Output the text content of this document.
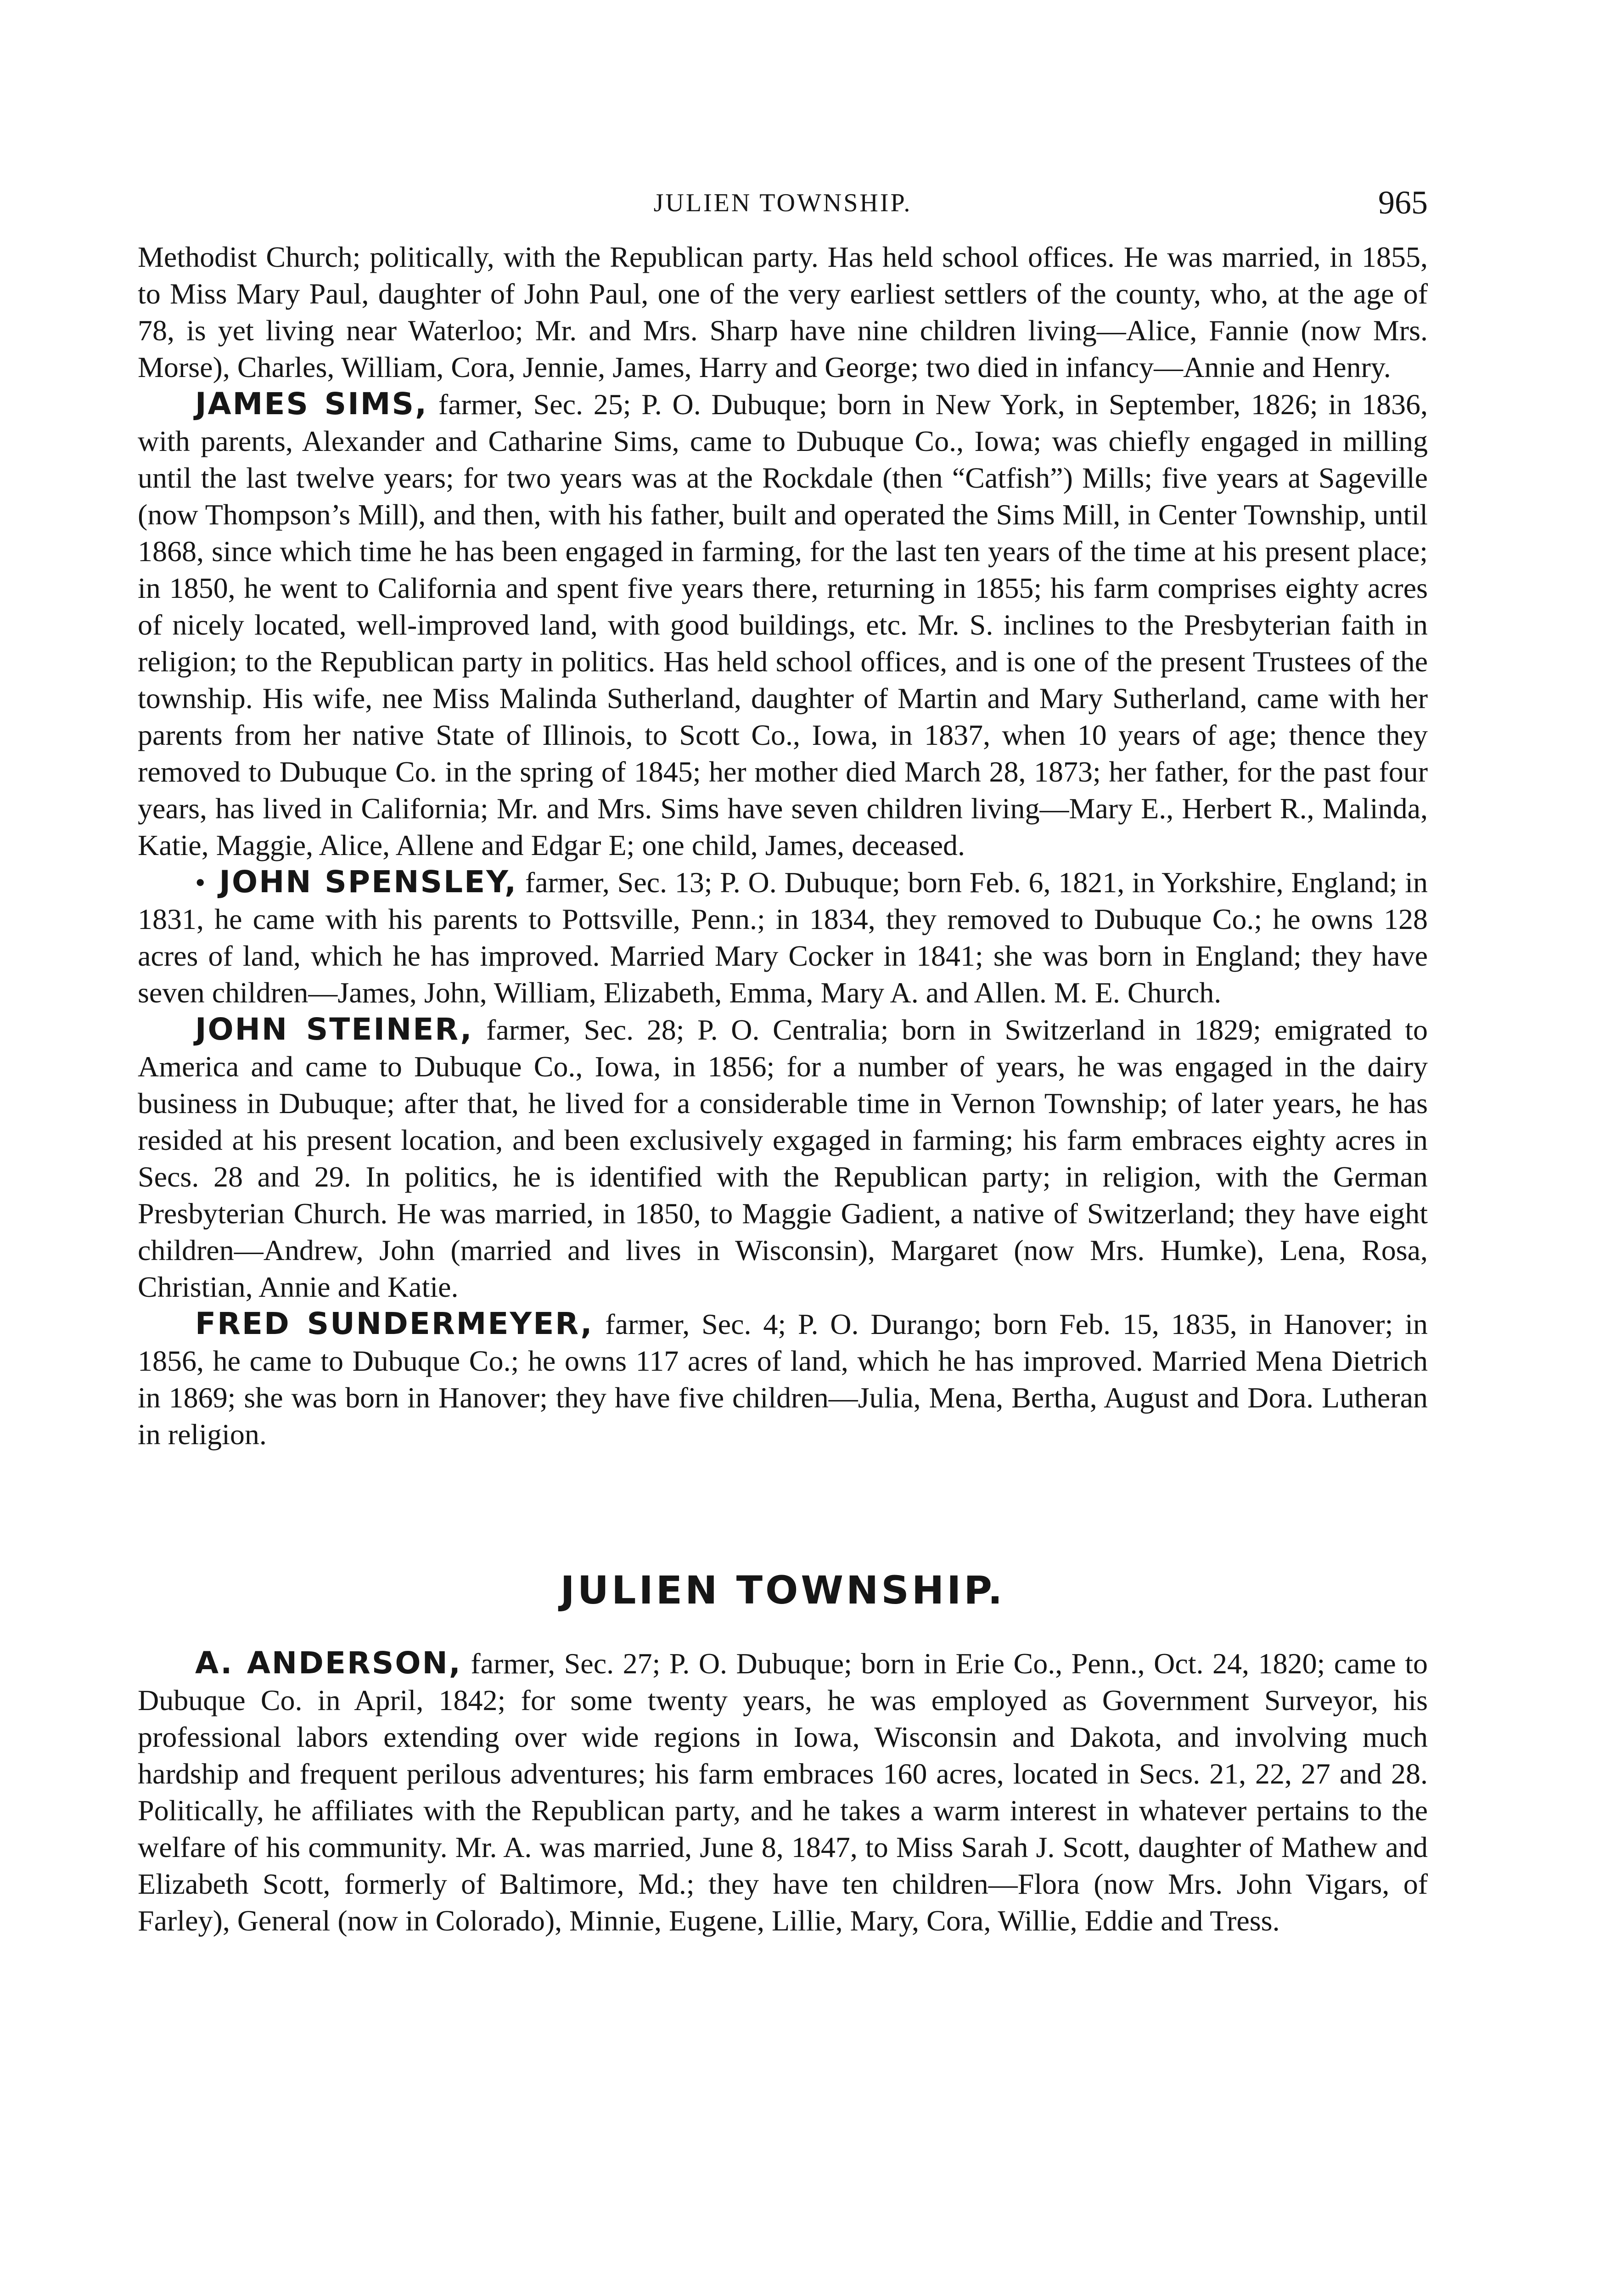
JULIEN TOWNSHIP.	965

Methodist Church; politically, with the Republican party. Has held school offices. He was married, in 1855, to Miss Mary Paul, daughter of John Paul, one of the very earliest settlers of the county, who, at the age of 78, is yet living near Waterloo; Mr. and Mrs. Sharp have nine children living—Alice, Fannie (now Mrs. Morse), Charles, William, Cora, Jennie, James, Harry and George; two died in infancy—Annie and Henry.

JAMES SIMS, farmer, Sec. 25; P. O. Dubuque; born in New York, in September, 1826; in 1836, with parents, Alexander and Catharine Sims, came to Dubuque Co., Iowa; was chiefly engaged in milling until the last twelve years; for two years was at the Rockdale (then “Catfish”) Mills; five years at Sageville (now Thompson’s Mill), and then, with his father, built and operated the Sims Mill, in Center Township, until 1868, since which time he has been engaged in farming, for the last ten years of the time at his present place; in 1850, he went to California and spent five years there, returning in 1855; his farm comprises eighty acres of nicely located, well-improved land, with good buildings, etc. Mr. S. inclines to the Presbyterian faith in religion; to the Republican party in politics. Has held school offices, and is one of the present Trustees of the township. His wife, nee Miss Malinda Sutherland, daughter of Martin and Mary Sutherland, came with her parents from her native State of Illinois, to Scott Co., Iowa, in 1837, when 10 years of age; thence they removed to Dubuque Co. in the spring of 1845; her mother died March 28, 1873; her father, for the past four years, has lived in California; Mr. and Mrs. Sims have seven children living—Mary E., Herbert R., Malinda, Katie, Maggie, Alice, Allene and Edgar E; one child, James, deceased.

• JOHN SPENSLEY, farmer, Sec. 13; P. O. Dubuque; born Feb. 6, 1821, in Yorkshire, England; in 1831, he came with his parents to Pottsville, Penn.; in 1834, they removed to Dubuque Co.; he owns 128 acres of land, which he has improved. Married Mary Cocker in 1841; she was born in England; they have seven children—James, John, William, Elizabeth, Emma, Mary A. and Allen. M. E. Church.

JOHN STEINER, farmer, Sec. 28; P. O. Centralia; born in Switzerland in 1829; emigrated to America and came to Dubuque Co., Iowa, in 1856; for a number of years, he was engaged in the dairy business in Dubuque; after that, he lived for a considerable time in Vernon Township; of later years, he has resided at his present location, and been exclusively exgaged in farming; his farm embraces eighty acres in Secs. 28 and 29. In politics, he is identified with the Republican party; in religion, with the German Presbyterian Church. He was married, in 1850, to Maggie Gadient, a native of Switzerland; they have eight children—Andrew, John (married and lives in Wisconsin), Margaret (now Mrs. Humke), Lena, Rosa, Christian, Annie and Katie.

FRED SUNDERMEYER, farmer, Sec. 4; P. O. Durango; born Feb. 15, 1835, in Hanover; in 1856, he came to Dubuque Co.; he owns 117 acres of land, which he has improved. Married Mena Dietrich in 1869; she was born in Hanover; they have five children—Julia, Mena, Bertha, August and Dora. Lutheran in religion.

JULIEN TOWNSHIP.

A. ANDERSON, farmer, Sec. 27; P. O. Dubuque; born in Erie Co., Penn., Oct. 24, 1820; came to Dubuque Co. in April, 1842; for some twenty years, he was employed as Government Surveyor, his professional labors extending over wide regions in Iowa, Wisconsin and Dakota, and involving much hardship and frequent perilous adventures; his farm embraces 160 acres, located in Secs. 21, 22, 27 and 28. Politically, he affiliates with the Republican party, and he takes a warm interest in whatever pertains to the welfare of his community. Mr. A. was married, June 8, 1847, to Miss Sarah J. Scott, daughter of Mathew and Elizabeth Scott, formerly of Baltimore, Md.; they have ten children—Flora (now Mrs. John Vigars, of Farley), General (now in Colorado), Minnie, Eugene, Lillie, Mary, Cora, Willie, Eddie and Tress.
